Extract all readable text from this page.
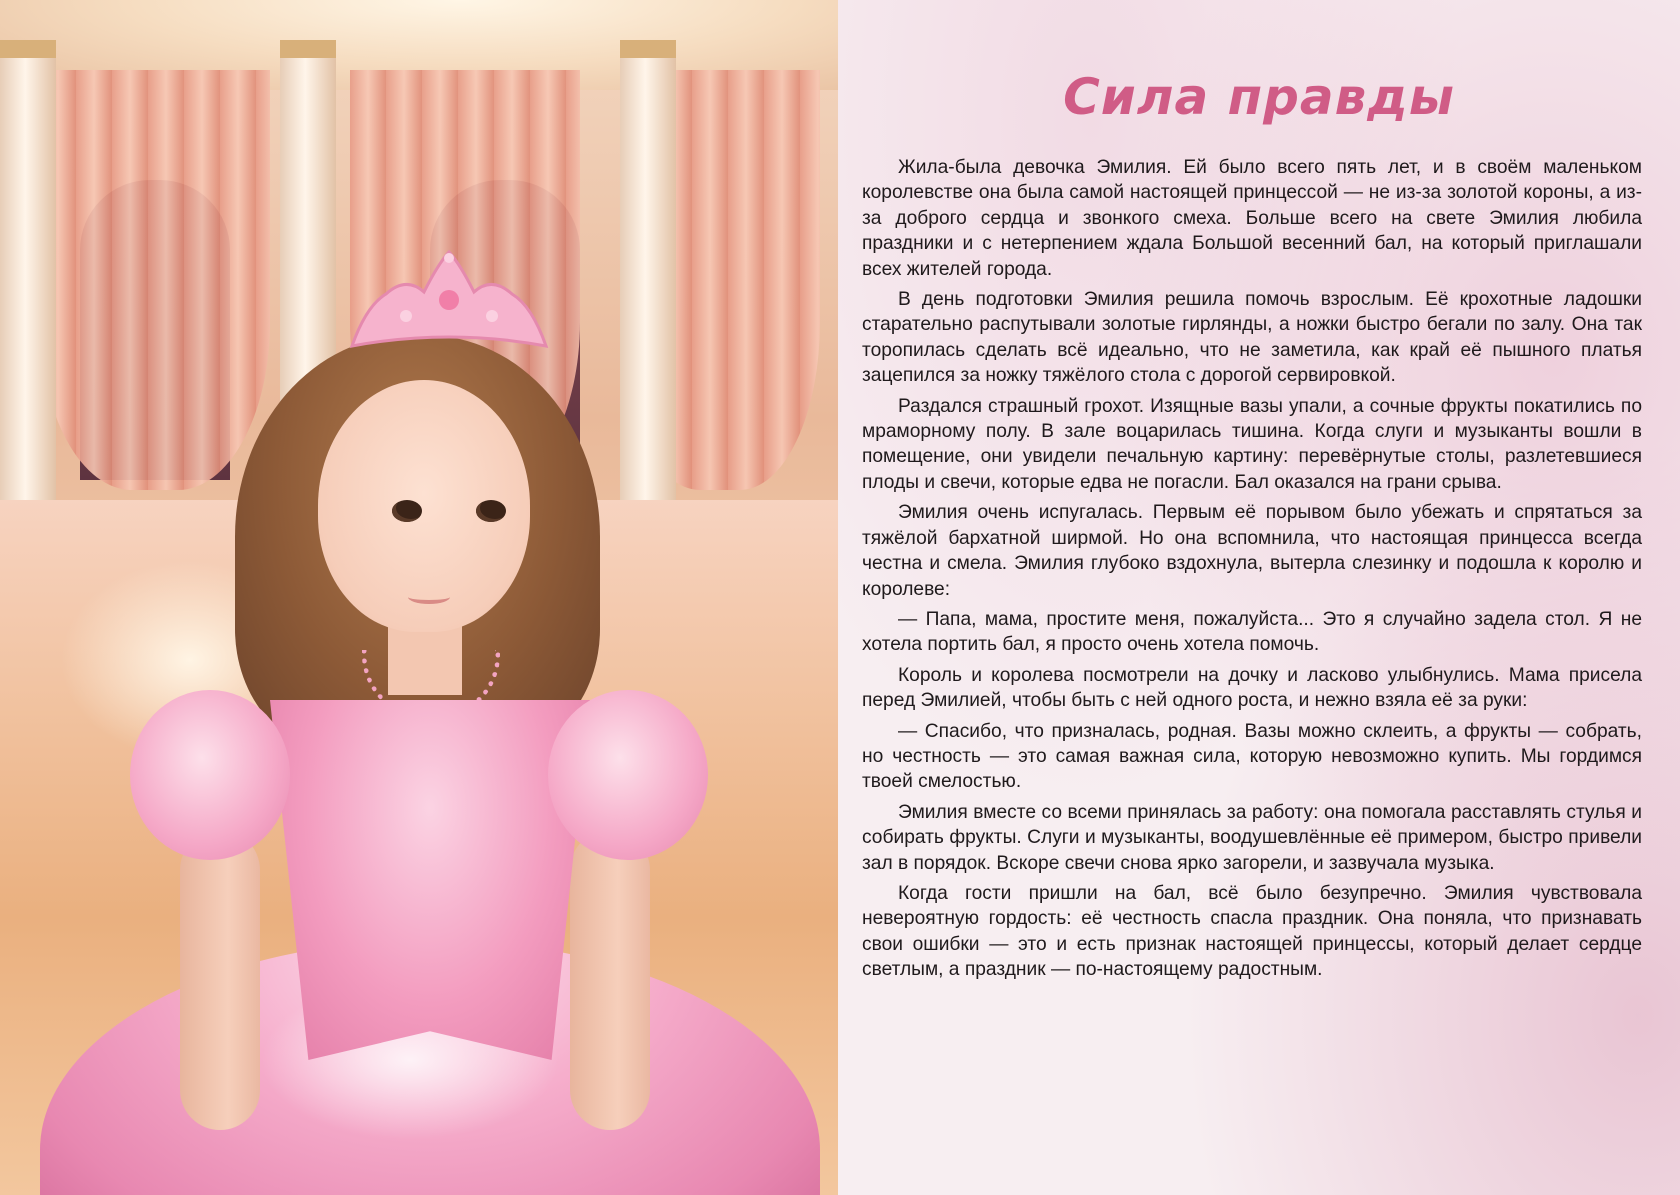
Сила правды

Жила-была девочка Эмилия. Ей было всего пять лет, и в своём маленьком королевстве она была самой настоящей принцессой — не из-за золотой короны, а из-за доброго сердца и звонкого смеха. Больше всего на свете Эмилия любила праздники и с нетерпением ждала Большой весенний бал, на который приглашали всех жителей города.

В день подготовки Эмилия решила помочь взрослым. Её крохотные ладошки старательно распутывали золотые гирлянды, а ножки быстро бегали по залу. Она так торопилась сделать всё идеально, что не заметила, как край её пышного платья зацепился за ножку тяжёлого стола с дорогой сервировкой.

Раздался страшный грохот. Изящные вазы упали, а сочные фрукты покатились по мраморному полу. В зале воцарилась тишина. Когда слуги и музыканты вошли в помещение, они увидели печальную картину: перевёрнутые столы, разлетевшиеся плоды и свечи, которые едва не погасли. Бал оказался на грани срыва.

Эмилия очень испугалась. Первым её порывом было убежать и спрятаться за тяжёлой бархатной ширмой. Но она вспомнила, что настоящая принцесса всегда честна и смела. Эмилия глубоко вздохнула, вытерла слезинку и подошла к королю и королеве:

— Папа, мама, простите меня, пожалуйста... Это я случайно задела стол. Я не хотела портить бал, я просто очень хотела помочь.

Король и королева посмотрели на дочку и ласково улыбнулись. Мама присела перед Эмилией, чтобы быть с ней одного роста, и нежно взяла её за руки:

— Спасибо, что призналась, родная. Вазы можно склеить, а фрукты — собрать, но честность — это самая важная сила, которую невозможно купить. Мы гордимся твоей смелостью.

Эмилия вместе со всеми принялась за работу: она помогала расставлять стулья и собирать фрукты. Слуги и музыканты, воодушевлённые её примером, быстро привели зал в порядок. Вскоре свечи снова ярко загорели, и зазвучала музыка.

Когда гости пришли на бал, всё было безупречно. Эмилия чувствовала невероятную гордость: её честность спасла праздник. Она поняла, что признавать свои ошибки — это и есть признак настоящей принцессы, который делает сердце светлым, а праздник — по-настоящему радостным.
